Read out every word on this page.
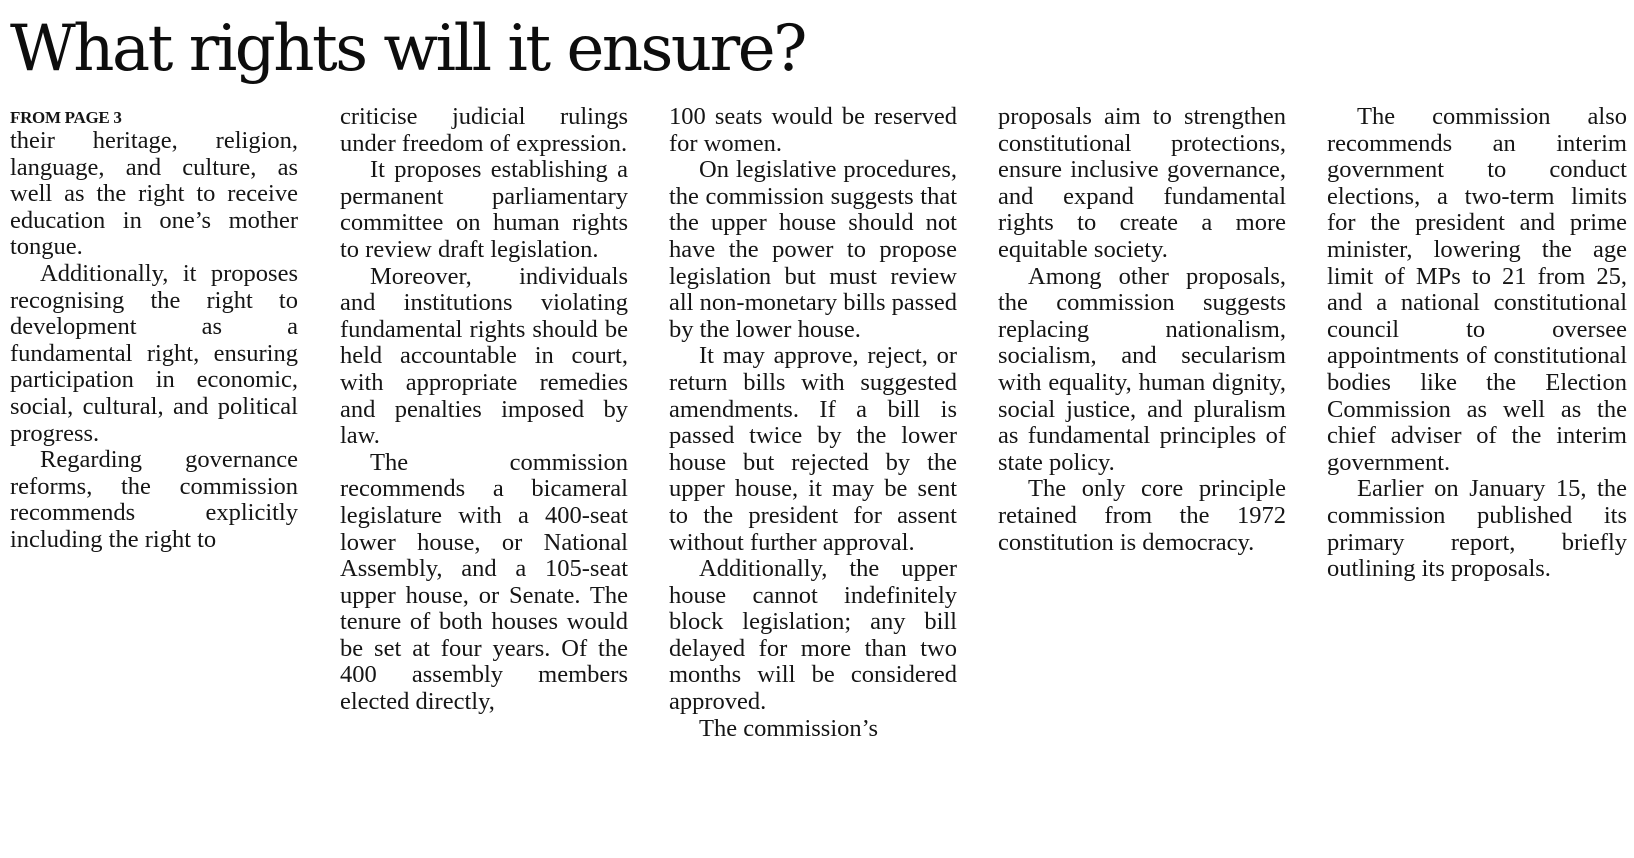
What rights will it ensure?
FROM PAGE 3

their heritage, religion, language, and culture, as well as the right to receive education in one’s mother tongue.

Additionally, it proposes recognising the right to development as a fundamental right, ensuring participation in economic, social, cultural, and political progress.

Regarding governance reforms, the commission recommends explicitly including the right to

criticise judicial rulings under freedom of expression.

It proposes establishing a permanent parliamentary committee on human rights to review draft legislation.

Moreover, individuals and institutions violating fundamental rights should be held accountable in court, with appropriate remedies and penalties imposed by law.

The commission recommends a bicameral legislature with a 400-seat lower house, or National Assembly, and a 105-seat upper house, or Senate. The tenure of both houses would be set at four years. Of the 400 assembly members elected directly,

100 seats would be reserved for women.

On legislative procedures, the commission suggests that the upper house should not have the power to propose legislation but must review all non-monetary bills passed by the lower house.

It may approve, reject, or return bills with suggested amendments. If a bill is passed twice by the lower house but rejected by the upper house, it may be sent to the president for assent without further approval.

Additionally, the upper house cannot indefinitely block legislation; any bill delayed for more than two months will be considered approved.

The commission’s

proposals aim to strengthen constitutional protections, ensure inclusive governance, and expand fundamental rights to create a more equitable society.

Among other proposals, the commission suggests replacing nationalism, socialism, and secularism with equality, human dignity, social justice, and pluralism as fundamental principles of state policy.

The only core principle retained from the 1972 constitution is democracy.

The commission also recommends an interim government to conduct elections, a two-term limits for the president and prime minister, lowering the age limit of MPs to 21 from 25, and a national constitutional council to oversee appointments of constitutional bodies like the Election Commission as well as the chief adviser of the interim government.

Earlier on January 15, the commission published its primary report, briefly outlining its proposals.
